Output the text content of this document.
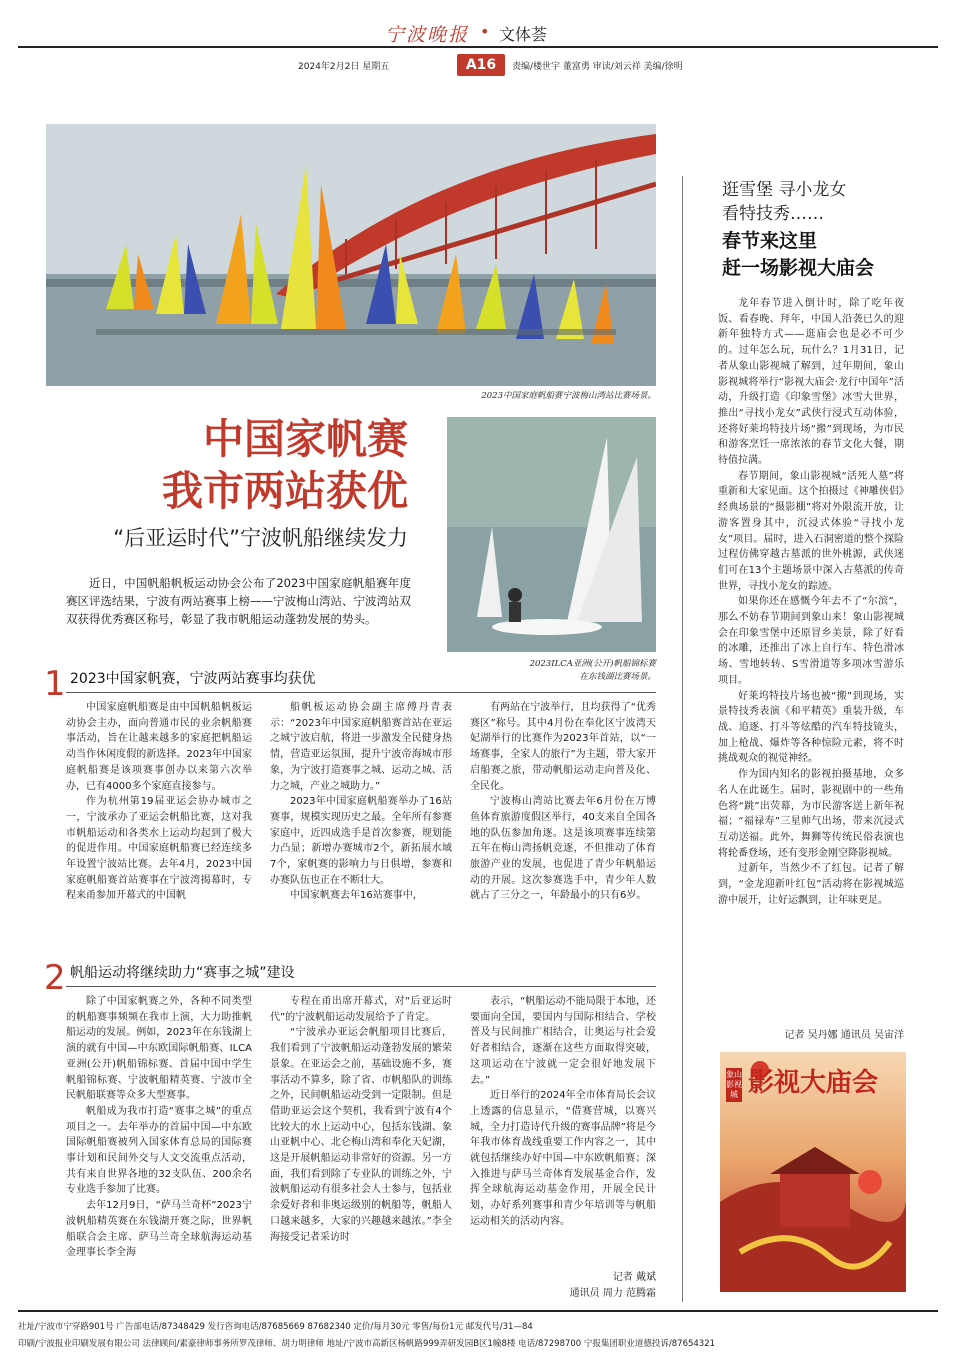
宁波晚报 • 文体荟
2024年2月2日 星期五	A16	责编/楼世宇 董富勇 审读/刘云祥 美编/徐明
2023中国家庭帆船赛宁波梅山湾站比赛场景。
2023ILCA亚洲(公开)帆船锦标赛
在东钱湖比赛场景。
中国家帆赛
我市两站获优
“后亚运时代”宁波帆船继续发力
近日，中国帆船帆板运动协会公布了2023中国家庭帆船赛年度赛区评选结果，宁波有两站赛事上榜——宁波梅山湾站、宁波湾站双双获得优秀赛区称号，彰显了我市帆船运动蓬勃发展的势头。
1 2023中国家帆赛，宁波两站赛事均获优

中国家庭帆船赛是由中国帆船帆板运动协会主办，面向普通市民的业余帆船赛事活动，旨在让越来越多的家庭把帆船运动当作休闲度假的新选择。2023年中国家庭帆船赛是该项赛事创办以来第六次举办，已有4000多个家庭直接参与。

作为杭州第19届亚运会协办城市之一，宁波承办了亚运会帆船比赛，这对我市帆船运动和各类水上运动均起到了极大的促进作用。中国家庭帆船赛已经连续多年设置宁波站比赛。去年4月，2023中国家庭帆船赛首站赛事在宁波湾揭幕时，专程来甬参加开幕式的中国帆

船帆板运动协会副主席傅丹青表示：“2023年中国家庭帆船赛首站在亚运之城宁波启航，将进一步激发全民健身热情，营造亚运氛围，提升宁波帝海城市形象，为宁波打造赛事之城、运动之城、活力之城，产业之城助力。”

2023年中国家庭帆船赛举办了16站赛事，规模实现历史之最。全年所有参赛家庭中，近四成选手是首次参赛，规划能力凸显；新增办赛城市2个，新拓展水域7个，家帆赛的影响力与日俱增，参赛和办赛队伍也正在不断壮大。

中国家帆赛去年16站赛事中，

有两站在宁波举行，且均获得了“优秀赛区”称号。其中4月份在奉化区宁波湾天妃湖举行的比赛作为2023年首站，以“一场赛事，全家人的旅行”为主题，带大家开启船赛之旅，带动帆船运动走向普及化、全民化。

宁波梅山湾站比赛去年6月份在万博鱼体育旅游度假区举行，40支来自全国各地的队伍参加角逐。这是该项赛事连续第五年在梅山湾扬帆竞逐，不但推动了体育旅游产业的发展，也促进了青少年帆船运动的开展。这次参赛选手中，青少年人数就占了三分之一，年龄最小的只有6岁。

2 帆船运动将继续助力“赛事之城”建设

除了中国家帆赛之外，各种不同类型的帆船赛事频频在我市上演，大力助推帆船运动的发展。例如，2023年在东钱湖上演的就有中国—中东欧国际帆船赛、ILCA亚洲(公开)帆船锦标赛、首届中国中学生帆船锦标赛、宁波帆船精英赛、宁波市全民帆船联赛等众多大型赛事。

帆船成为我市打造“赛事之城”的重点项目之一。去年举办的首届中国—中东欧国际帆船赛被列入国家体育总局的国际赛事计划和民间外交与人文交流重点活动，共有来自世界各地的32支队伍、200余名专业选手参加了比赛。

去年12月9日，“萨马兰奇杯”2023宁波帆船精英赛在东钱湖开赛之际，世界帆船联合会主席、萨马兰奇全球航海运动基金理事长李全海

专程在甬出席开幕式，对“后亚运时代”的宁波帆船运动发展给予了肯定。

“宁波承办亚运会帆船项目比赛后，我们看到了宁波帆船运动蓬勃发展的繁荣景象。在亚运会之前，基础设施不多，赛事活动不算多，除了省、市帆船队的训练之外，民间帆船运动受到一定限制。但是借助亚运会这个契机，我看到宁波有4个比较大的水上运动中心，包括东钱湖、象山亚帆中心、北仑梅山湾和奉化天妃湖，这是开展帆船运动非常好的资源。另一方面，我们看到除了专业队的训练之外，宁波帆船运动有很多社会人士参与，包括业余爱好者和非奥运级别的帆船等，帆船人口越来越多，大家的兴趣越来越浓。”李全海接受记者采访时

表示，“帆船运动不能局限于本地，还要面向全国，要国内与国际相结合、学校普及与民间推广相结合，让奥运与社会爱好者相结合，逐渐在这些方面取得突破，这项运动在宁波就一定会很好地发展下去。”

近日举行的2024年全市体育局长会议上透露的信息显示，“借赛营城，以赛兴城，全力打造诗代升级的赛事品牌”将是今年我市体育战线重要工作内容之一，其中就包括继续办好中国—中东欧帆船赛；深入推进与萨马兰奇体育发展基金合作，发挥全球航海运动基金作用，开展全民计划，办好系列赛事和青少年培训等与帆船运动相关的活动内容。

记者 戴斌
通讯员 周力 范腾霜
逛雪堡 寻小龙女
看特技秀……
春节来这里
赶一场影视大庙会

龙年春节进入倒计时，除了吃年夜饭、看春晚、拜年，中国人沿袭已久的迎新年独特方式——逛庙会也是必不可少的。过年怎么玩，玩什么？1月31日，记者从象山影视城了解到，过年期间，象山影视城将举行“影视大庙会·龙行中国年”活动，升级打造《印象雪堡》冰雪大世界，推出“寻找小龙女”武侠行浸式互动体验，还将好莱坞特技片场“搬”到现场，为市民和游客烹饪一席浓浓的春节文化大餐，期待值拉满。

春节期间，象山影视城“活死人墓”将重新和大家见面。这个拍摄过《神雕侠侣》经典场景的“摄影棚”将对外限流开放，让游客置身其中，沉浸式体验“寻找小龙女”项目。届时，进入石洞密道的整个探险过程仿佛穿越古墓派的世外桃源，武侠迷们可在13个主题场景中深入古墓派的传奇世界，寻找小龙女的踪迹。

如果你还在感慨今年去不了“尔滨”，那么不妨春节期间到象山来！象山影视城会在印象雪堡中还原冒乡美景，除了好看的冰雕，还推出了冰上自行车、特色滑冰场、雪地转转、S雪滑道等多项冰雪游乐项目。

好莱坞特技片场也被“搬”到现场，实景特技秀表演《和平精英》重装升级，车战、追逐、打斗等炫酷的汽车特技镜头，加上枪战、爆炸等各种惊险元素，将不时挑战观众的视觉神经。

作为国内知名的影视拍摄基地，众多名人在此诞生。届时，影视剧中的一些角色将“跳”出荧幕，为市民游客送上新年祝福；“福禄寿”三星帅气出场，带来沉浸式互动送福。此外，舞狮等传统民俗表演也将轮番登场，还有变形金刚空降影视城。

过新年，当然少不了红包。记者了解到，“金龙迎新叶红包”活动将在影视城巡游中展开，让好运飘到，让年味更足。

记者 吴丹娜 通讯员 吴宙洋
影视大庙会
象山影视城
社址/宁波市宁穿路901号 广告部电话/87348429 发行咨询电话/87685669 87682340 定价/每月30元 零售/每份1元 邮发代号/31—84
印刷/宁波报业印刷发展有限公司 法律顾问/素豪律师事务所罗茂律师、胡力明律师 地址/宁波市高新区杨帆路999弄研发园B区1幢8楼 电话/87298700 宁报集团职业道德投诉/87654321
